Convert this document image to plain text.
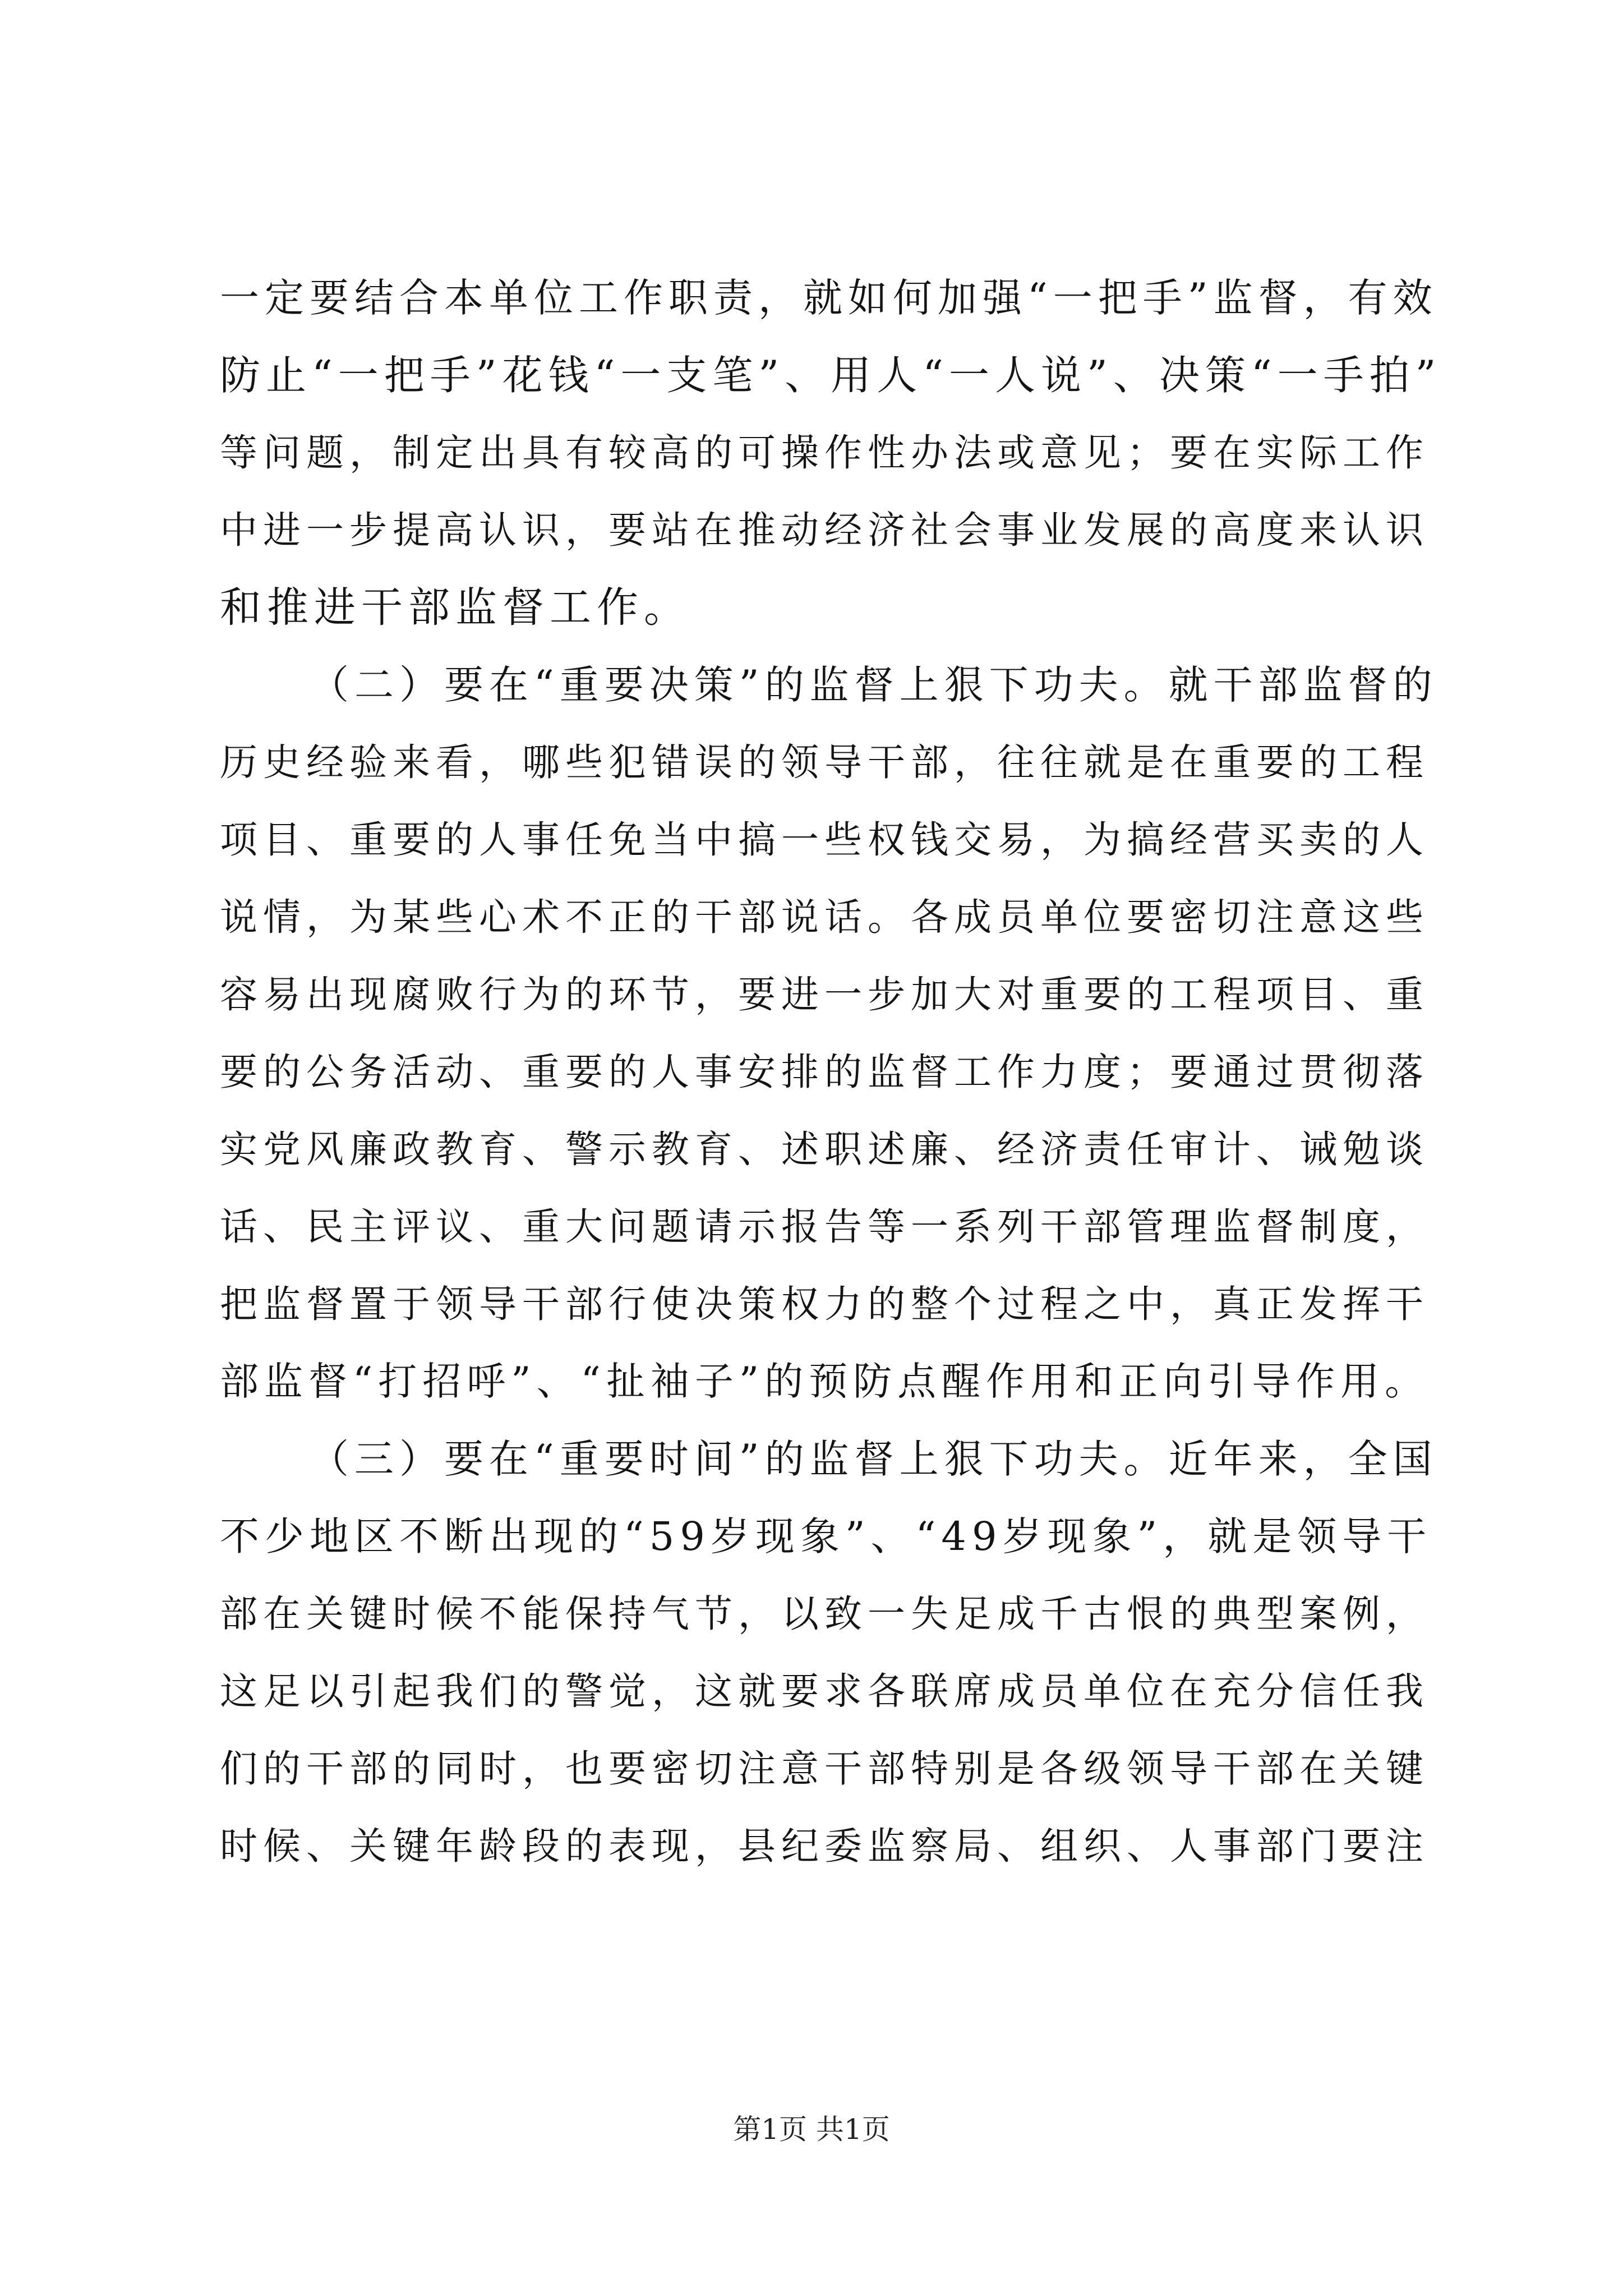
一定要结合本单位工作职责，就如何加强“一把手”监督，有效
防止“一把手”花钱“一支笔”、用人“一人说”、决策“一手拍”
等问题，制定出具有较高的可操作性办法或意见；要在实际工作
中进一步提高认识，要站在推动经济社会事业发展的高度来认识
和推进干部监督工作。
（二）要在“重要决策”的监督上狠下功夫。就干部监督的
历史经验来看，哪些犯错误的领导干部，往往就是在重要的工程
项目、重要的人事任免当中搞一些权钱交易，为搞经营买卖的人
说情，为某些心术不正的干部说话。各成员单位要密切注意这些
容易出现腐败行为的环节，要进一步加大对重要的工程项目、重
要的公务活动、重要的人事安排的监督工作力度；要通过贯彻落
实党风廉政教育、警示教育、述职述廉、经济责任审计、诫勉谈
话、民主评议、重大问题请示报告等一系列干部管理监督制度，
把监督置于领导干部行使决策权力的整个过程之中，真正发挥干
部监督“打招呼”、“扯袖子”的预防点醒作用和正向引导作用。
（三）要在“重要时间”的监督上狠下功夫。近年来，全国
不少地区不断出现的“59岁现象”、“49岁现象”，就是领导干
部在关键时候不能保持气节，以致一失足成千古恨的典型案例，
这足以引起我们的警觉，这就要求各联席成员单位在充分信任我
们的干部的同时，也要密切注意干部特别是各级领导干部在关键
时候、关键年龄段的表现，县纪委监察局、组织、人事部门要注
第1页 共1页
